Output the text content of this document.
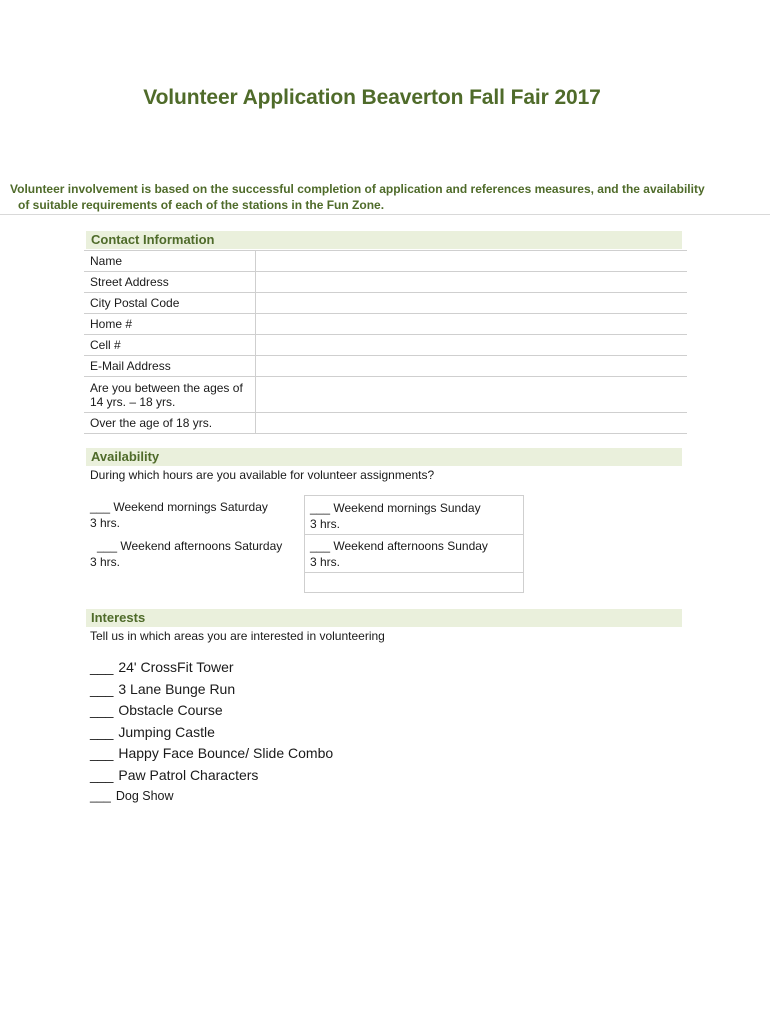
Volunteer Application Beaverton Fall Fair 2017
Volunteer involvement is based on the successful completion of application and references measures, and the availability
of suitable requirements of each of the stations in the Fun Zone.
Contact Information
Name	
Street Address	
City Postal Code	
Home #	
Cell #	
E-Mail Address	
Are you between the ages of 14 yrs. – 18 yrs.	
Over the age of 18 yrs.	
Availability
During which hours are you available for volunteer assignments?
___ Weekend mornings Saturday
3 hrs.
___ Weekend afternoons Saturday
3 hrs.
___ Weekend mornings Sunday
3 hrs.
___ Weekend afternoons Sunday
3 hrs.
Interests
Tell us in which areas you are interested in volunteering
___ 24' CrossFit Tower
___ 3 Lane Bunge Run
___ Obstacle Course
___ Jumping Castle
___ Happy Face Bounce/ Slide Combo
___ Paw Patrol Characters
___ Dog Show
